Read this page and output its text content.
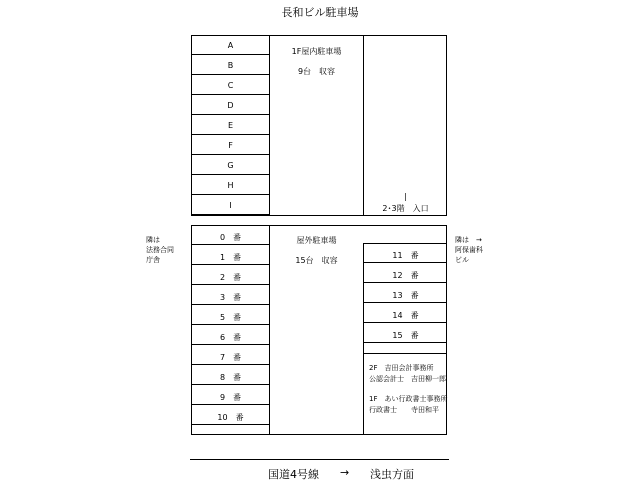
長和ビル駐車場
A
B
C
D
E
F
G
H
I
1F屋内駐車場
9台　収容
|
2･3階　入口
0　番
1　番
2　番
3　番
5　番
6　番
7　番
8　番
9　番
10　番
11　番
12　番
13　番
14　番
15　番
屋外駐車場
15台　収容
2F　吉田会計事務所
公認会計士　吉田柳一郎
1F　あい行政書士事務所
行政書士　　寺田和平
隣は
法務合同
庁舎
隣は　→
阿保歯科
ビル
国道4号線 → 浅虫方面
